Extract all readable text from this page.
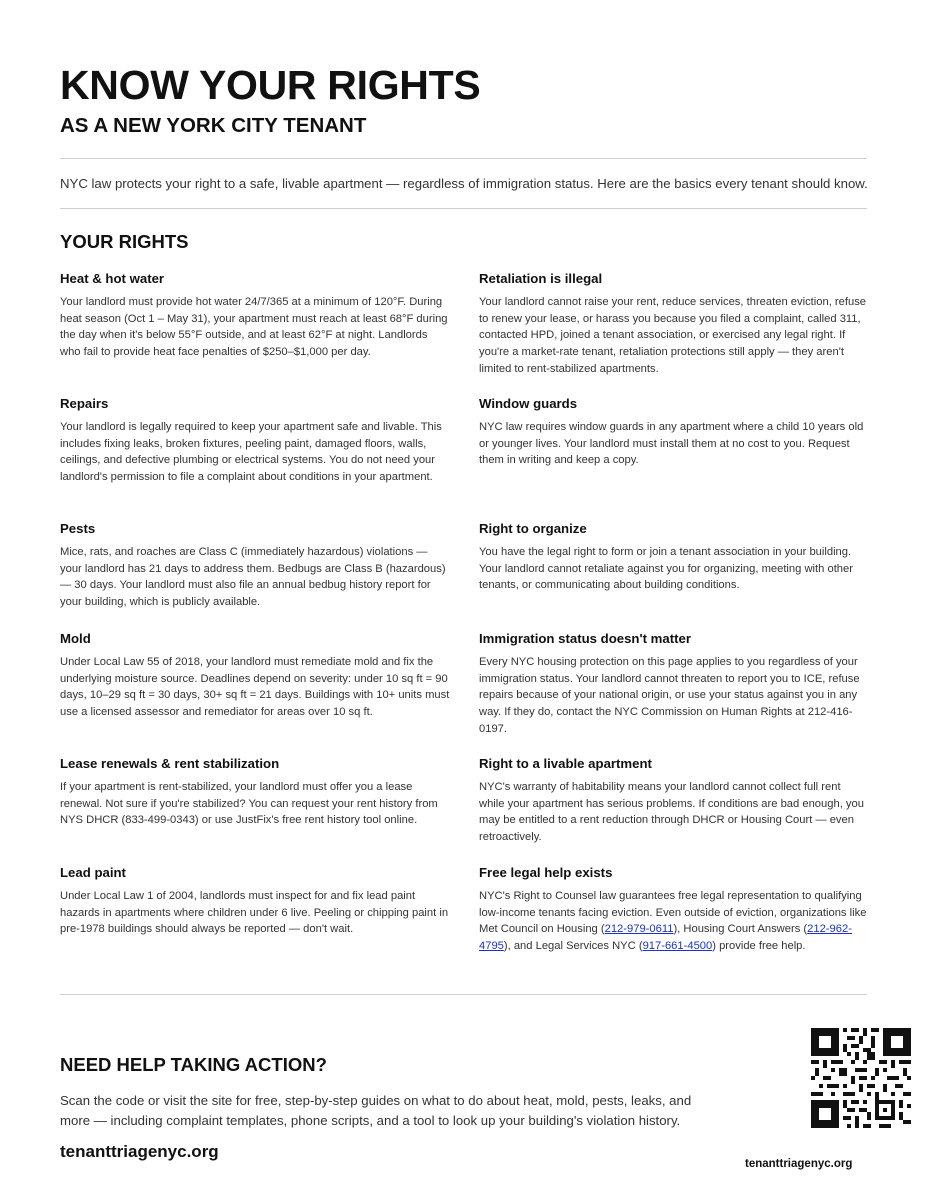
KNOW YOUR RIGHTS
AS A NEW YORK CITY TENANT
NYC law protects your right to a safe, livable apartment — regardless of immigration status. Here are the basics every tenant should know.
YOUR RIGHTS
Heat & hot water

Your landlord must provide hot water 24/7/365 at a minimum of 120°F. During heat season (Oct 1 – May 31), your apartment must reach at least 68°F during the day when it's below 55°F outside, and at least 62°F at night. Landlords who fail to provide heat face penalties of $250–$1,000 per day.

Repairs

Your landlord is legally required to keep your apartment safe and livable. This includes fixing leaks, broken fixtures, peeling paint, damaged floors, walls, ceilings, and defective plumbing or electrical systems. You do not need your landlord's permission to file a complaint about conditions in your apartment.

Pests

Mice, rats, and roaches are Class C (immediately hazardous) violations — your landlord has 21 days to address them. Bedbugs are Class B (hazardous) — 30 days. Your landlord must also file an annual bedbug history report for your building, which is publicly available.

Mold

Under Local Law 55 of 2018, your landlord must remediate mold and fix the underlying moisture source. Deadlines depend on severity: under 10 sq ft = 90 days, 10–29 sq ft = 30 days, 30+ sq ft = 21 days. Buildings with 10+ units must use a licensed assessor and remediator for areas over 10 sq ft.

Lease renewals & rent stabilization

If your apartment is rent-stabilized, your landlord must offer you a lease renewal. Not sure if you're stabilized? You can request your rent history from NYS DHCR (833-499-0343) or use JustFix's free rent history tool online.

Lead paint

Under Local Law 1 of 2004, landlords must inspect for and fix lead paint hazards in apartments where children under 6 live. Peeling or chipping paint in pre-1978 buildings should always be reported — don't wait.

Retaliation is illegal

Your landlord cannot raise your rent, reduce services, threaten eviction, refuse to renew your lease, or harass you because you filed a complaint, called 311, contacted HPD, joined a tenant association, or exercised any legal right. If you're a market-rate tenant, retaliation protections still apply — they aren't limited to rent-stabilized apartments.

Window guards

NYC law requires window guards in any apartment where a child 10 years old or younger lives. Your landlord must install them at no cost to you. Request them in writing and keep a copy.

Right to organize

You have the legal right to form or join a tenant association in your building. Your landlord cannot retaliate against you for organizing, meeting with other tenants, or communicating about building conditions.

Immigration status doesn't matter

Every NYC housing protection on this page applies to you regardless of your immigration status. Your landlord cannot threaten to report you to ICE, refuse repairs because of your national origin, or use your status against you in any way. If they do, contact the NYC Commission on Human Rights at 212-416-0197.

Right to a livable apartment

NYC's warranty of habitability means your landlord cannot collect full rent while your apartment has serious problems. If conditions are bad enough, you may be entitled to a rent reduction through DHCR or Housing Court — even retroactively.

Free legal help exists

NYC's Right to Counsel law guarantees free legal representation to qualifying low-income tenants facing eviction. Even outside of eviction, organizations like Met Council on Housing (212-979-0611), Housing Court Answers (212-962-4795), and Legal Services NYC (917-661-4500) provide free help.

NEED HELP TAKING ACTION?
Scan the code or visit the site for free, step-by-step guides on what to do about heat, mold, pests, leaks, and more — including complaint templates, phone scripts, and a tool to look up your building's violation history.
tenanttriagenyc.org
tenanttriagenyc.org
